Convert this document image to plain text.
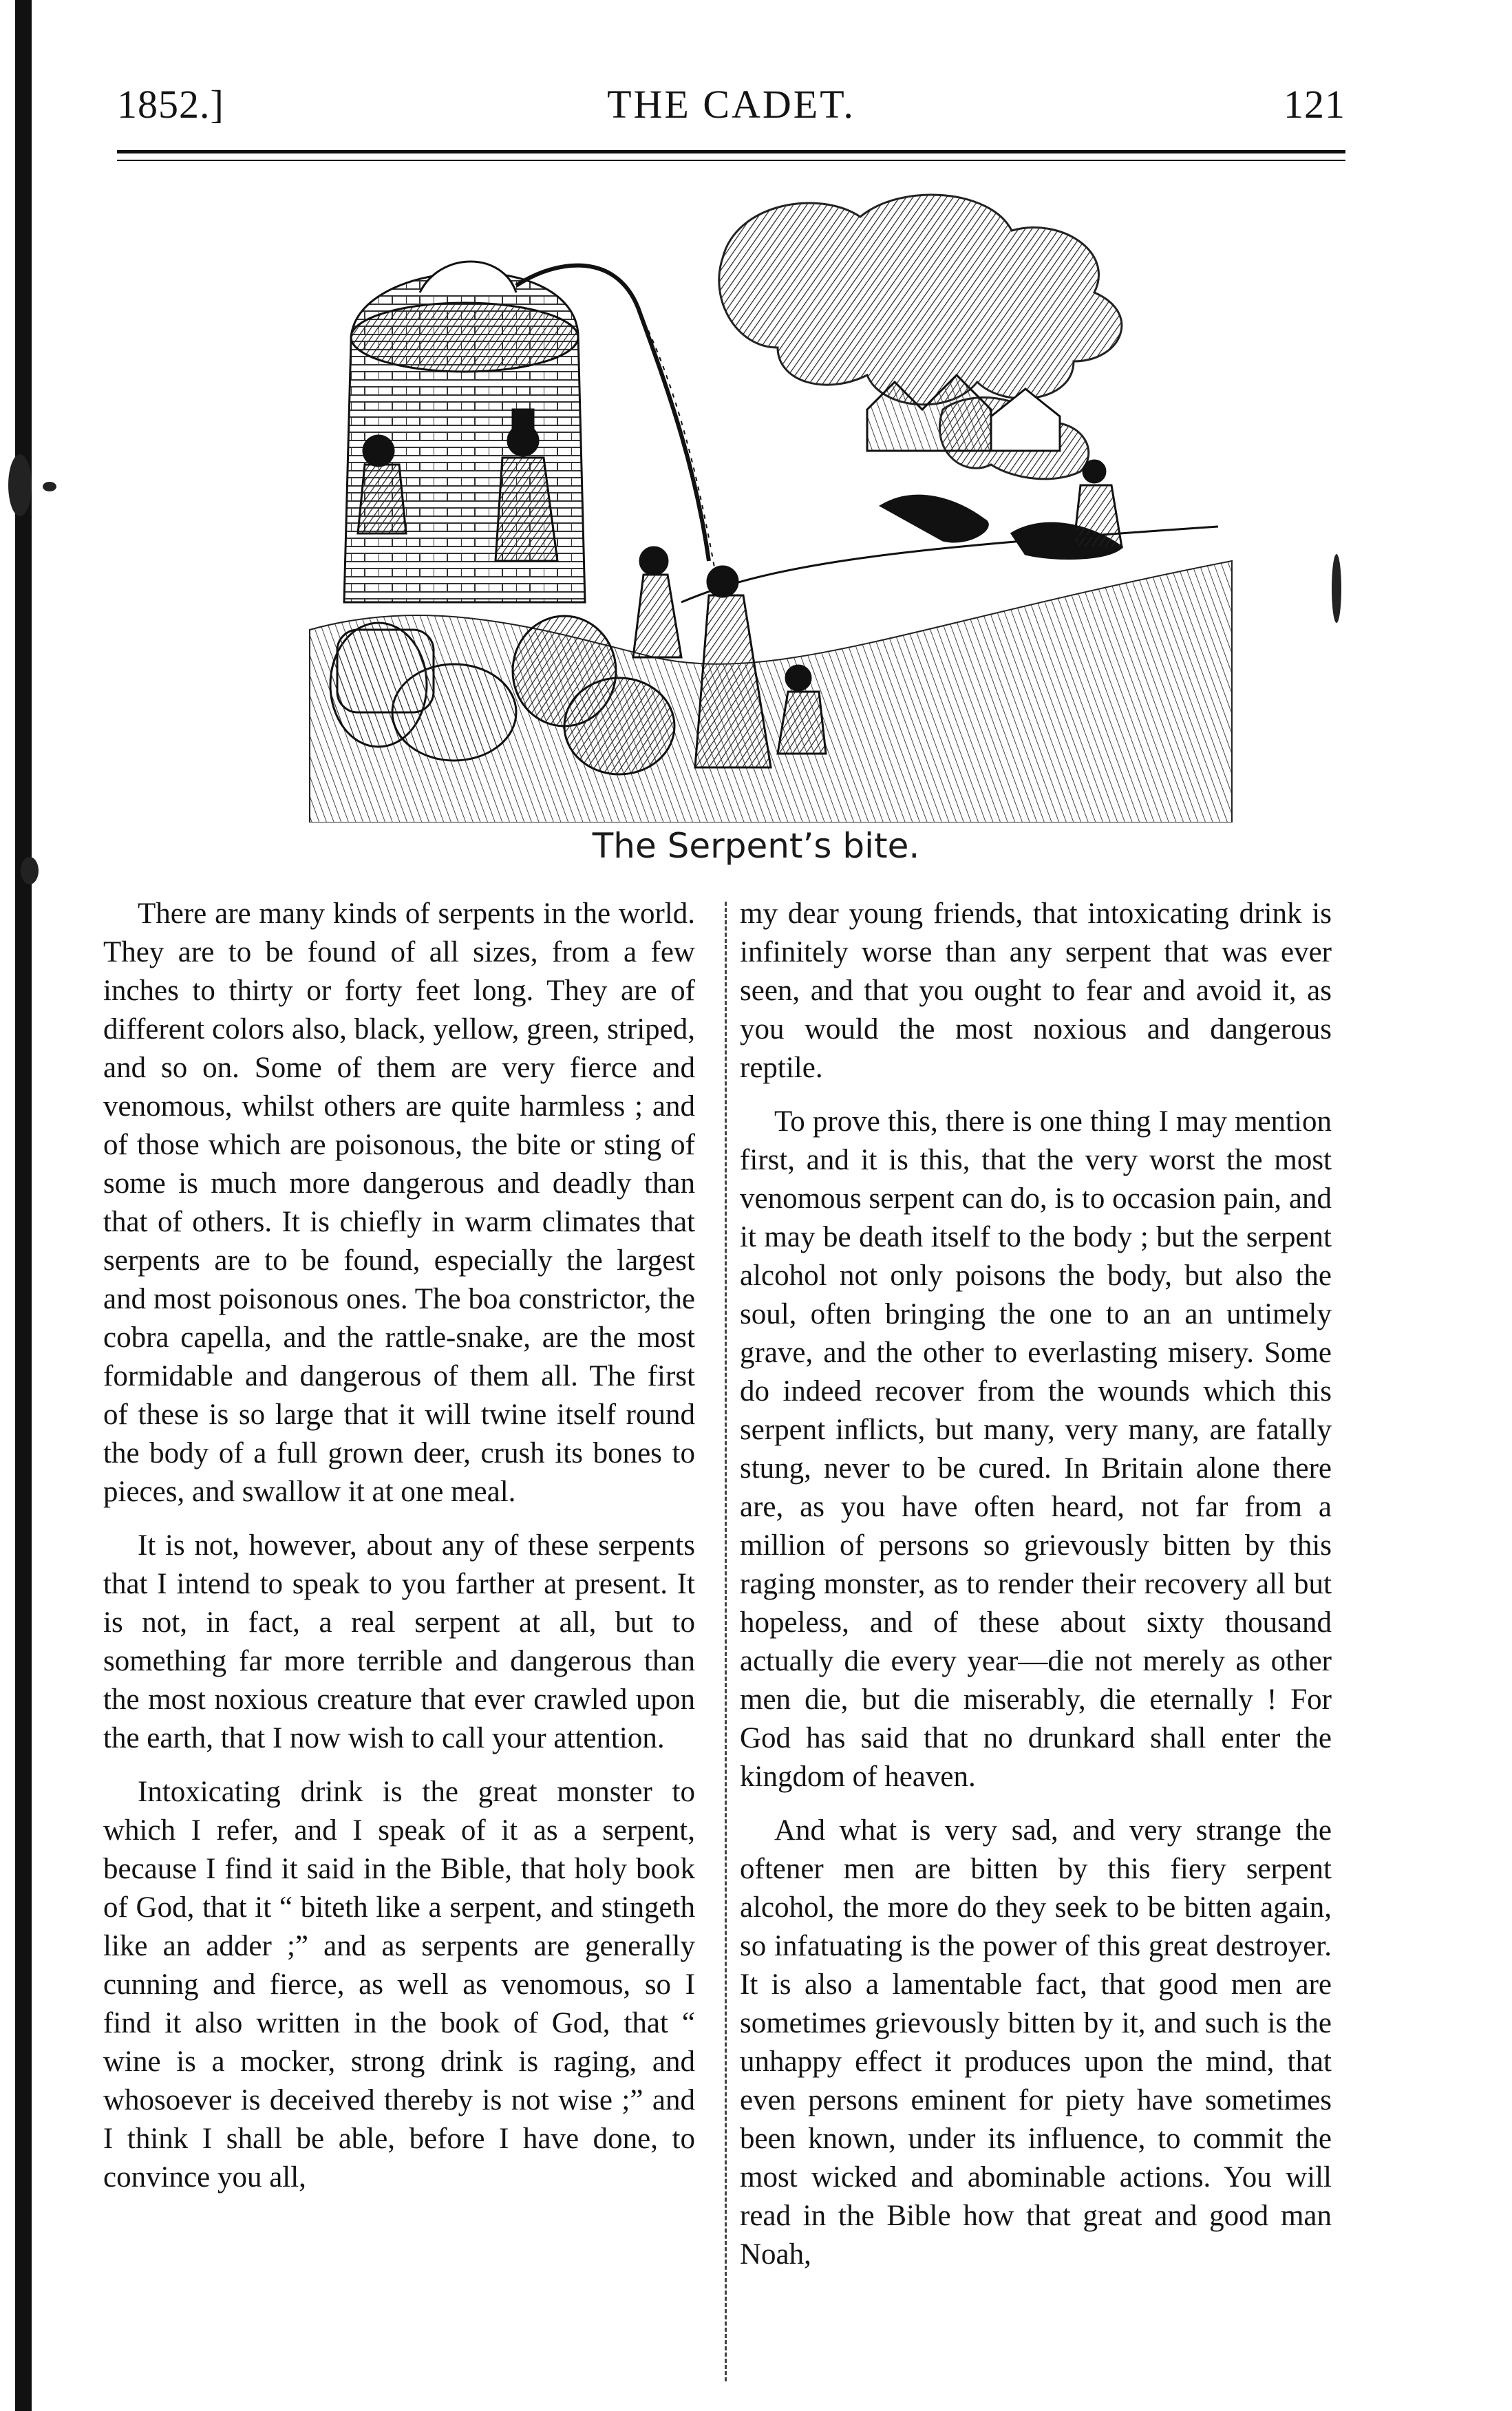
THE CADET.
1852.]	121
The Serpent’s bite.

There are many kinds of serpents in the world. They are to be found of all sizes, from a few inches to thirty or forty feet long. They are of different colors also, black, yellow, green, striped, and so on. Some of them are very fierce and venomous, whilst others are quite harmless ; and of those which are poisonous, the bite or sting of some is much more dangerous and deadly than that of others. It is chiefly in warm climates that serpents are to be found, especially the largest and most poisonous ones. The boa constrictor, the cobra capella, and the rattle-snake, are the most formidable and dangerous of them all. The first of these is so large that it will twine itself round the body of a full grown deer, crush its bones to pieces, and swallow it at one meal.

It is not, however, about any of these serpents that I intend to speak to you farther at present. It is not, in fact, a real serpent at all, but to something far more terrible and dangerous than the most noxious creature that ever crawled upon the earth, that I now wish to call your attention.

Intoxicating drink is the great monster to which I refer, and I speak of it as a serpent, because I find it said in the Bible, that holy book of God, that it “ biteth like a serpent, and stingeth like an adder ;” and as serpents are generally cunning and fierce, as well as venomous, so I find it also written in the book of God, that “ wine is a mocker, strong drink is raging, and whosoever is deceived thereby is not wise ;” and I think I shall be able, before I have done, to convince you all,

my dear young friends, that intoxicating drink is infinitely worse than any serpent that was ever seen, and that you ought to fear and avoid it, as you would the most noxious and dangerous reptile.

To prove this, there is one thing I may mention first, and it is this, that the very worst the most venomous serpent can do, is to occasion pain, and it may be death itself to the body ; but the serpent alcohol not only poisons the body, but also the soul, often bringing the one to an an untimely grave, and the other to everlasting misery. Some do indeed recover from the wounds which this serpent inflicts, but many, very many, are fatally stung, never to be cured. In Britain alone there are, as you have often heard, not far from a million of persons so grievously bitten by this raging monster, as to render their recovery all but hopeless, and of these about sixty thousand actually die every year—die not merely as other men die, but die miserably, die eternally ! For God has said that no drunkard shall enter the kingdom of heaven.

And what is very sad, and very strange the oftener men are bitten by this fiery serpent alcohol, the more do they seek to be bitten again, so infatuating is the power of this great destroyer. It is also a lamentable fact, that good men are sometimes grievously bitten by it, and such is the unhappy effect it produces upon the mind, that even persons eminent for piety have sometimes been known, under its influence, to commit the most wicked and abominable actions. You will read in the Bible how that great and good man Noah,
